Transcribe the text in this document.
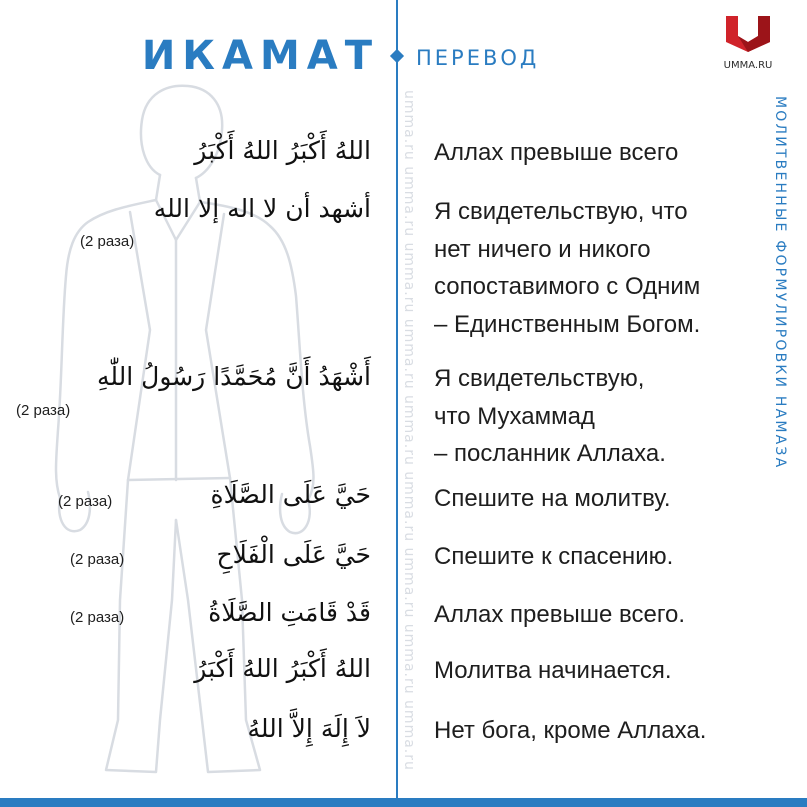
umma.ru umma.ru umma.ru umma.ru umma.ru umma.ru umma.ru umma.ru umma.ru
ИКАМАТ ПЕРЕВОД	UMMA.RU
МОЛИТВЕННЫЕ ФОРМУЛИРОВКИ НАМАЗА
اللهُ أَكْبَرُ اللهُ أَكْبَرُ
أشهد أن لا اله إلا الله
أَشْهَدُ أَنَّ مُحَمَّدًا رَسُولُ اللّٰهِ
حَيَّ عَلَى الصَّلَاةِ
حَيَّ عَلَى الْفَلَاحِ
قَدْ قَامَتِ الصَّلَاةُ
اللهُ أَكْبَرُ اللهُ أَكْبَرُ
لاَ إِلَهَ إِلاَّ اللهُ
(2 раза)
(2 раза)
(2 раза)
(2 раза)
(2 раза)
Аллах превыше всего
Я свидетельствую, что
нет ничего и никого
сопоставимого с Одним
– Единственным Богом.
Я свидетельствую,
что Мухаммад
– посланник Аллаха.
Спешите на молитву.
Спешите к спасению.
Аллах превыше всего.
Молитва начинается.
Нет бога, кроме Аллаха.
